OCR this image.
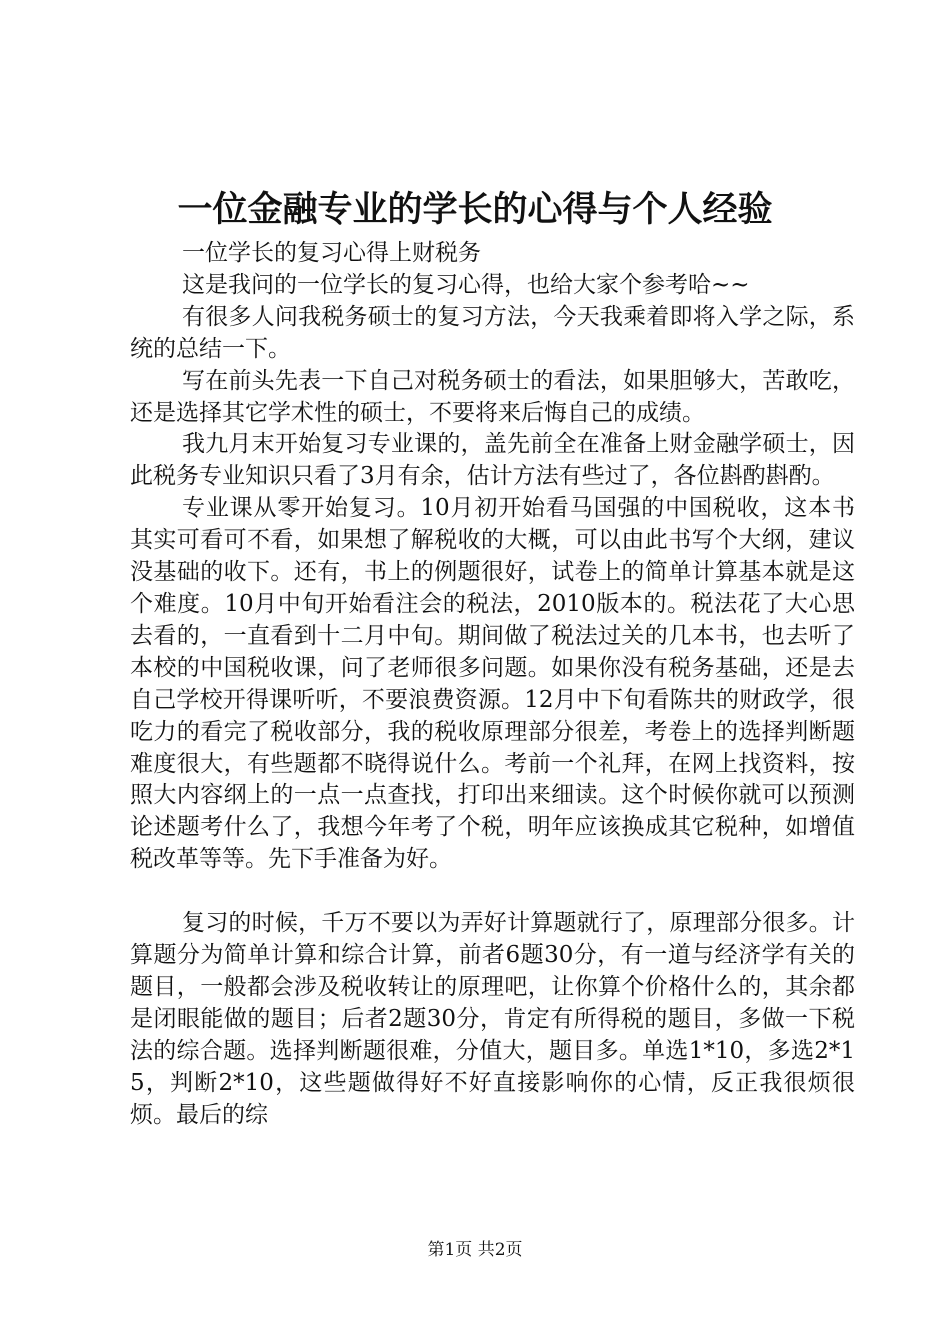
一位金融专业的学长的心得与个人经验

一位学长的复习心得上财税务

这是我问的一位学长的复习心得，也给大家个参考哈~~

有很多人问我税务硕士的复习方法，今天我乘着即将入学之际，系统的总结一下。

写在前头先表一下自己对税务硕士的看法，如果胆够大，苦敢吃，还是选择其它学术性的硕士，不要将来后悔自己的成绩。

我九月末开始复习专业课的，盖先前全在准备上财金融学硕士，因此税务专业知识只看了3月有余，估计方法有些过了，各位斟酌斟酌。

专业课从零开始复习。10月初开始看马国强的中国税收，这本书其实可看可不看，如果想了解税收的大概，可以由此书写个大纲，建议没基础的收下。还有，书上的例题很好，试卷上的简单计算基本就是这个难度。10月中旬开始看注会的税法，2010版本的。税法花了大心思去看的，一直看到十二月中旬。期间做了税法过关的几本书，也去听了本校的中国税收课，问了老师很多问题。如果你没有税务基础，还是去自己学校开得课听听，不要浪费资源。12月中下旬看陈共的财政学，很吃力的看完了税收部分，我的税收原理部分很差，考卷上的选择判断题难度很大，有些题都不晓得说什么。考前一个礼拜，在网上找资料，按照大内容纲上的一点一点查找，打印出来细读。这个时候你就可以预测论述题考什么了，我想今年考了个税，明年应该换成其它税种，如增值税改革等等。先下手准备为好。

复习的时候，千万不要以为弄好计算题就行了，原理部分很多。计算题分为简单计算和综合计算，前者6题30分，有一道与经济学有关的题目，一般都会涉及税收转让的原理吧，让你算个价格什么的，其余都是闭眼能做的题目；后者2题30分，肯定有所得税的题目，多做一下税法的综合题。选择判断题很难，分值大，题目多。单选1*10，多选2*15，判断2*10，这些题做得好不好直接影响你的心情，反正我很烦很烦。最后的综

第1页 共2页
